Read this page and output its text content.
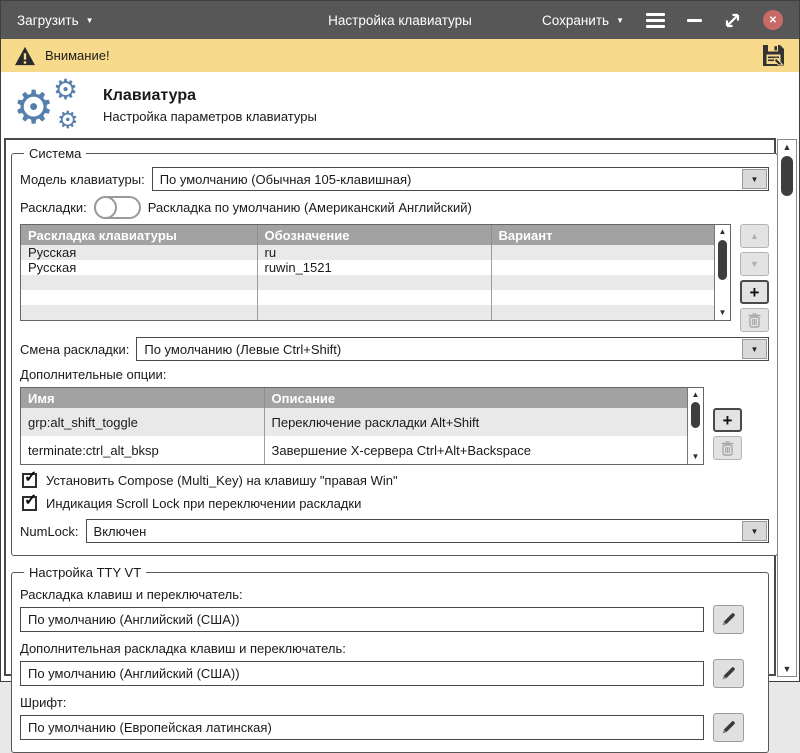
Загрузить ▼	Настройка клавиатуры	Сохранить ▼	✕
Внимание!
⚙
⚙
⚙
Клавиатура
Настройка параметров клавиатуры
Система
Модель клавиатуры:	По умолчанию (Обычная 105-клавишная)	▼
Раскладки:	Раскладка по умолчанию (Американский Английский)
Раскладка клавиатуры	Обозначение	Вариант
Русская	ru	
Русская	ruwin_1521	

▲
▼
▲
▼
+
Смена раскладки:	По умолчанию (Левые Ctrl+Shift)	▼
Дополнительные опции:
Имя	Описание
grp:alt_shift_toggle	Переключение раскладки Alt+Shift
terminate:ctrl_alt_bksp	Завершение X-сервера Ctrl+Alt+Backspace
▲
▼
+
✓ Установить Compose (Multi_Key) на клавишу "правая Win"
✓ Индикация Scroll Lock при переключении раскладки
NumLock:	Включен	▼
Настройка TTY VT
Раскладка клавиш и переключатель:
По умолчанию (Английский (США))
Дополнительная раскладка клавиш и переключатель:
По умолчанию (Английский (США))
Шрифт:
По умолчанию (Европейская латинская)
▲
▼
